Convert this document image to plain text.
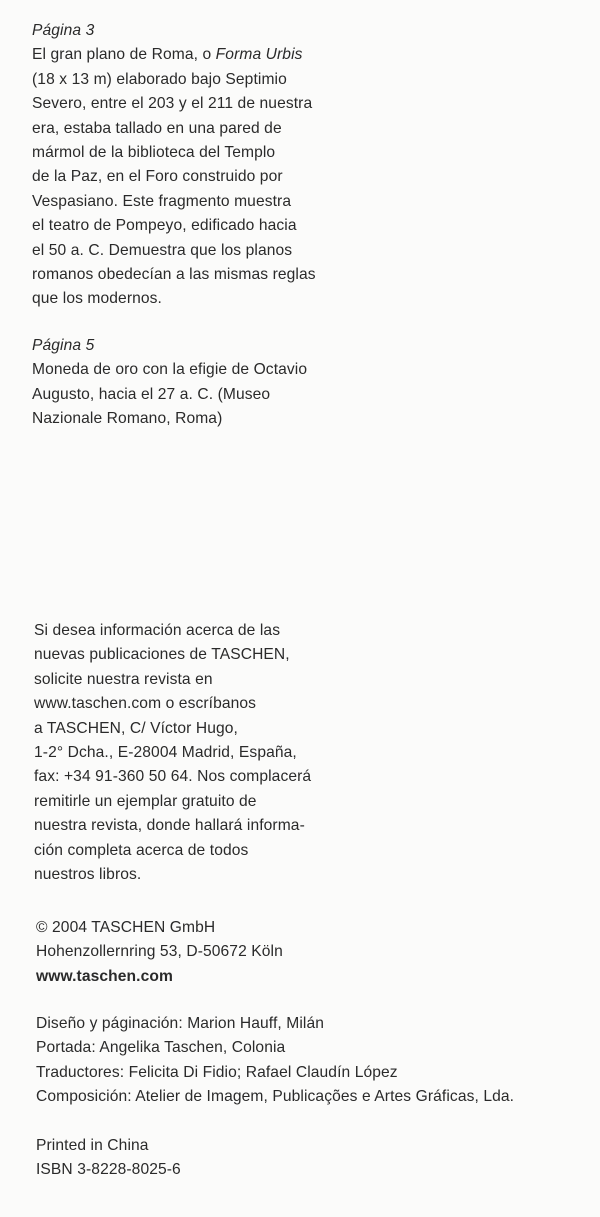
Página 3
El gran plano de Roma, o Forma Urbis
(18 x 13 m) elaborado bajo Septimio
Severo, entre el 203 y el 211 de nuestra
era, estaba tallado en una pared de
mármol de la biblioteca del Templo
de la Paz, en el Foro construido por
Vespasiano. Este fragmento muestra
el teatro de Pompeyo, edificado hacia
el 50 a. C. Demuestra que los planos
romanos obedecían a las mismas reglas
que los modernos.
Página 5
Moneda de oro con la efigie de Octavio
Augusto, hacia el 27 a. C. (Museo
Nazionale Romano, Roma)
Si desea información acerca de las
nuevas publicaciones de TASCHEN,
solicite nuestra revista en
www.taschen.com o escríbanos
a TASCHEN, C/ Víctor Hugo,
1-2° Dcha., E-28004 Madrid, España,
fax: +34 91-360 50 64. Nos complacerá
remitirle un ejemplar gratuito de
nuestra revista, donde hallará informa-
ción completa acerca de todos
nuestros libros.
© 2004 TASCHEN GmbH
Hohenzollernring 53, D-50672 Köln
www.taschen.com
Diseño y páginación: Marion Hauff, Milán
Portada: Angelika Taschen, Colonia
Traductores: Felicita Di Fidio; Rafael Claudín López
Composición: Atelier de Imagem, Publicações e Artes Gráficas, Lda.
Printed in China
ISBN 3-8228-8025-6
